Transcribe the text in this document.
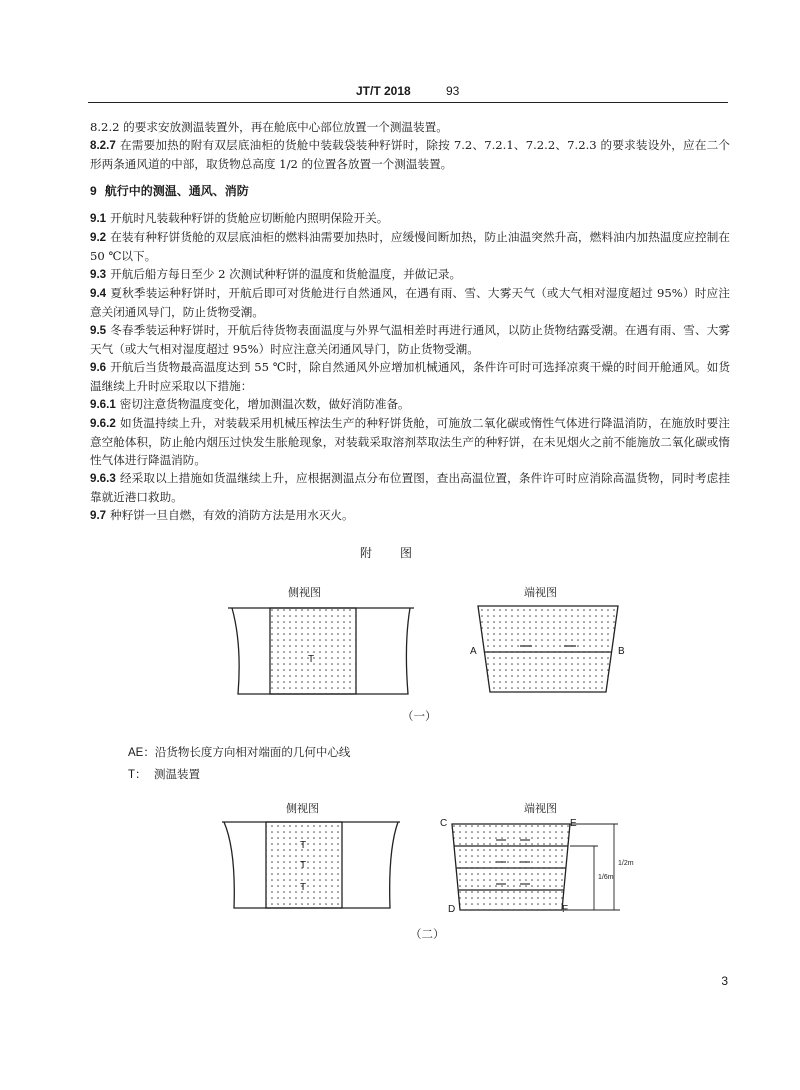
JT/T 2018	93

8.2.2 的要求安放测温装置外，再在舱底中心部位放置一个测温装置。

8.2.7 在需要加热的附有双层底油柜的货舱中装载袋装种籽饼时，除按 7.2、7.2.1、7.2.2、7.2.3 的要求装设外，应在二个形两条通风道的中部，取货物总高度 1/2 的位置各放置一个测温装置。

9 航行中的测温、通风、消防

9.1 开航时凡装载种籽饼的货舱应切断舱内照明保险开关。

9.2 在装有种籽饼货舱的双层底油柜的燃料油需要加热时，应缓慢间断加热，防止油温突然升高，燃料油内加热温度应控制在 50 ℃以下。

9.3 开航后船方每日至少 2 次测试种籽饼的温度和货舱温度，并做记录。

9.4 夏秋季装运种籽饼时，开航后即可对货舱进行自然通风，在遇有雨、雪、大雾天气（或大气相对湿度超过 95%）时应注意关闭通风导门，防止货物受潮。

9.5 冬春季装运种籽饼时，开航后待货物表面温度与外界气温相差时再进行通风，以防止货物结露受潮。在遇有雨、雪、大雾天气（或大气相对湿度超过 95%）时应注意关闭通风导门，防止货物受潮。

9.6 开航后当货物最高温度达到 55 ℃时，除自然通风外应增加机械通风，条件许可时可选择凉爽干燥的时间开舱通风。如货温继续上升时应采取以下措施：

9.6.1 密切注意货物温度变化，增加测温次数，做好消防准备。

9.6.2 如货温持续上升，对装载采用机械压榨法生产的种籽饼货舱，可施放二氧化碳或惰性气体进行降温消防，在施放时要注意空舱体积，防止舱内烟压过快发生胀舱现象，对装载采取溶剂萃取法生产的种籽饼，在未见烟火之前不能施放二氧化碳或惰性气体进行降温消防。

9.6.3 经采取以上措施如货温继续上升，应根据测温点分布位置图，查出高温位置，条件许可时应消除高温货物，同时考虑挂靠就近港口救助。

9.7 种籽饼一旦自燃，有效的消防方法是用水灭火。

附图
侧视图
T
端视图
A	B
（一）
AE：沿货物长度方向相对端面的几何中心线
T： 测温装置
侧视图
T
T
T
端视图
C	E
D	F
1/6m
1/2m
（二）
3
